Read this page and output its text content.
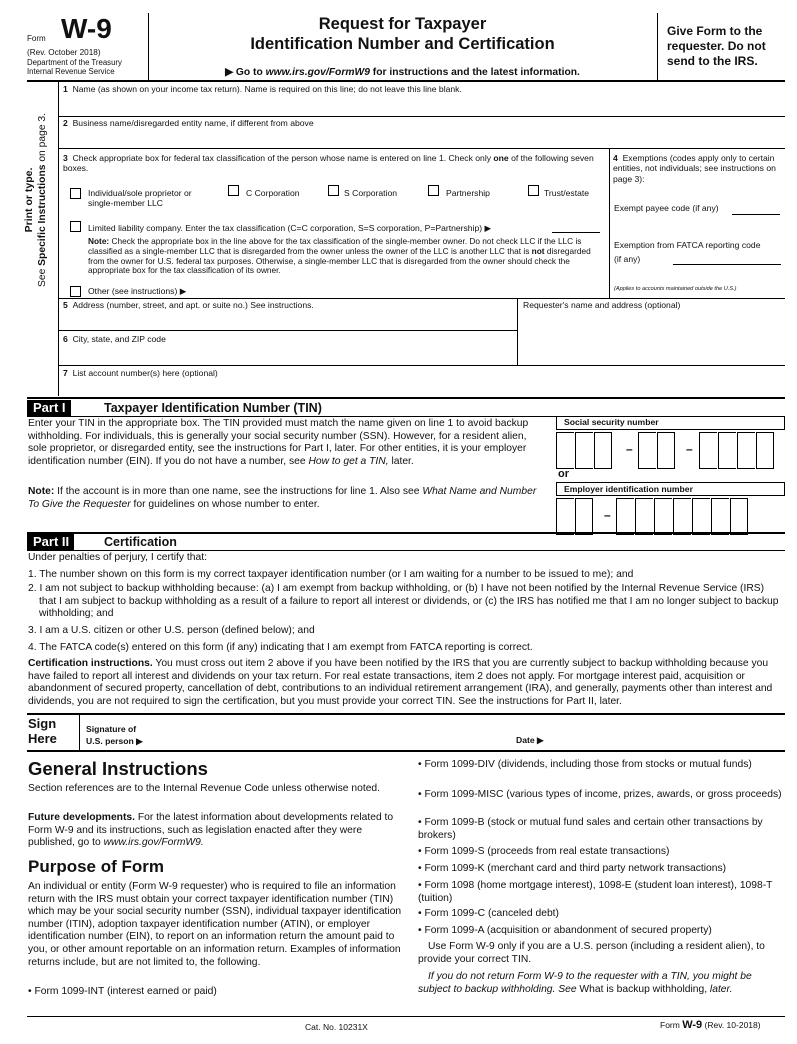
Form W-9
(Rev. October 2018)
Department of the Treasury
Internal Revenue Service
Request for Taxpayer
Identification Number and Certification
▶ Go to www.irs.gov/FormW9 for instructions and the latest information.
Give Form to the requester. Do not send to the IRS.
Print or type.
See Specific Instructions on page 3.
1 Name (as shown on your income tax return). Name is required on this line; do not leave this line blank.
2 Business name/disregarded entity name, if different from above
3 Check appropriate box for federal tax classification of the person whose name is entered on line 1. Check only one of the following seven boxes.
Individual/sole proprietor or single-member LLC
C Corporation	S Corporation	Partnership	Trust/estate
Limited liability company. Enter the tax classification (C=C corporation, S=S corporation, P=Partnership) ▶
Note: Check the appropriate box in the line above for the tax classification of the single-member owner. Do not check LLC if the LLC is classified as a single-member LLC that is disregarded from the owner unless the owner of the LLC is another LLC that is not disregarded from the owner for U.S. federal tax purposes. Otherwise, a single-member LLC that is disregarded from the owner should check the appropriate box for the tax classification of its owner.
Other (see instructions) ▶
4 Exemptions (codes apply only to certain entities, not individuals; see instructions on page 3):
Exempt payee code (if any)
Exemption from FATCA reporting code (if any)
(Applies to accounts maintained outside the U.S.)
5 Address (number, street, and apt. or suite no.) See instructions.
6 City, state, and ZIP code
Requester's name and address (optional)
7 List account number(s) here (optional)
Part I	Taxpayer Identification Number (TIN)
Enter your TIN in the appropriate box. The TIN provided must match the name given on line 1 to avoid backup withholding. For individuals, this is generally your social security number (SSN). However, for a resident alien, sole proprietor, or disregarded entity, see the instructions for Part I, later. For other entities, it is your employer identification number (EIN). If you do not have a number, see How to get a TIN, later.
Note: If the account is in more than one name, see the instructions for line 1. Also see What Name and Number To Give the Requester for guidelines on whose number to enter.
Social security number
–	–
or
Employer identification number
–
Part II	Certification
Under penalties of perjury, I certify that:
1. The number shown on this form is my correct taxpayer identification number (or I am waiting for a number to be issued to me); and
2. I am not subject to backup withholding because: (a) I am exempt from backup withholding, or (b) I have not been notified by the Internal Revenue Service (IRS) that I am subject to backup withholding as a result of a failure to report all interest or dividends, or (c) the IRS has notified me that I am no longer subject to backup withholding; and
3. I am a U.S. citizen or other U.S. person (defined below); and
4. The FATCA code(s) entered on this form (if any) indicating that I am exempt from FATCA reporting is correct.
Certification instructions. You must cross out item 2 above if you have been notified by the IRS that you are currently subject to backup withholding because you have failed to report all interest and dividends on your tax return. For real estate transactions, item 2 does not apply. For mortgage interest paid, acquisition or abandonment of secured property, cancellation of debt, contributions to an individual retirement arrangement (IRA), and generally, payments other than interest and dividends, you are not required to sign the certification, but you must provide your correct TIN. See the instructions for Part II, later.
Sign
Here
Signature of
U.S. person ▶	Date ▶
General Instructions
Section references are to the Internal Revenue Code unless otherwise noted.
Future developments. For the latest information about developments related to Form W-9 and its instructions, such as legislation enacted after they were published, go to www.irs.gov/FormW9.
Purpose of Form
An individual or entity (Form W-9 requester) who is required to file an information return with the IRS must obtain your correct taxpayer identification number (TIN) which may be your social security number (SSN), individual taxpayer identification number (ITIN), adoption taxpayer identification number (ATIN), or employer identification number (EIN), to report on an information return the amount paid to you, or other amount reportable on an information return. Examples of information returns include, but are not limited to, the following.
• Form 1099-INT (interest earned or paid)
• Form 1099-DIV (dividends, including those from stocks or mutual funds)
• Form 1099-MISC (various types of income, prizes, awards, or gross proceeds)
• Form 1099-B (stock or mutual fund sales and certain other transactions by brokers)
• Form 1099-S (proceeds from real estate transactions)
• Form 1099-K (merchant card and third party network transactions)
• Form 1098 (home mortgage interest), 1098-E (student loan interest), 1098-T (tuition)
• Form 1099-C (canceled debt)
• Form 1099-A (acquisition or abandonment of secured property)
Use Form W-9 only if you are a U.S. person (including a resident alien), to provide your correct TIN.
If you do not return Form W-9 to the requester with a TIN, you might be subject to backup withholding. See What is backup withholding, later.
Cat. No. 10231X	Form W-9 (Rev. 10-2018)
